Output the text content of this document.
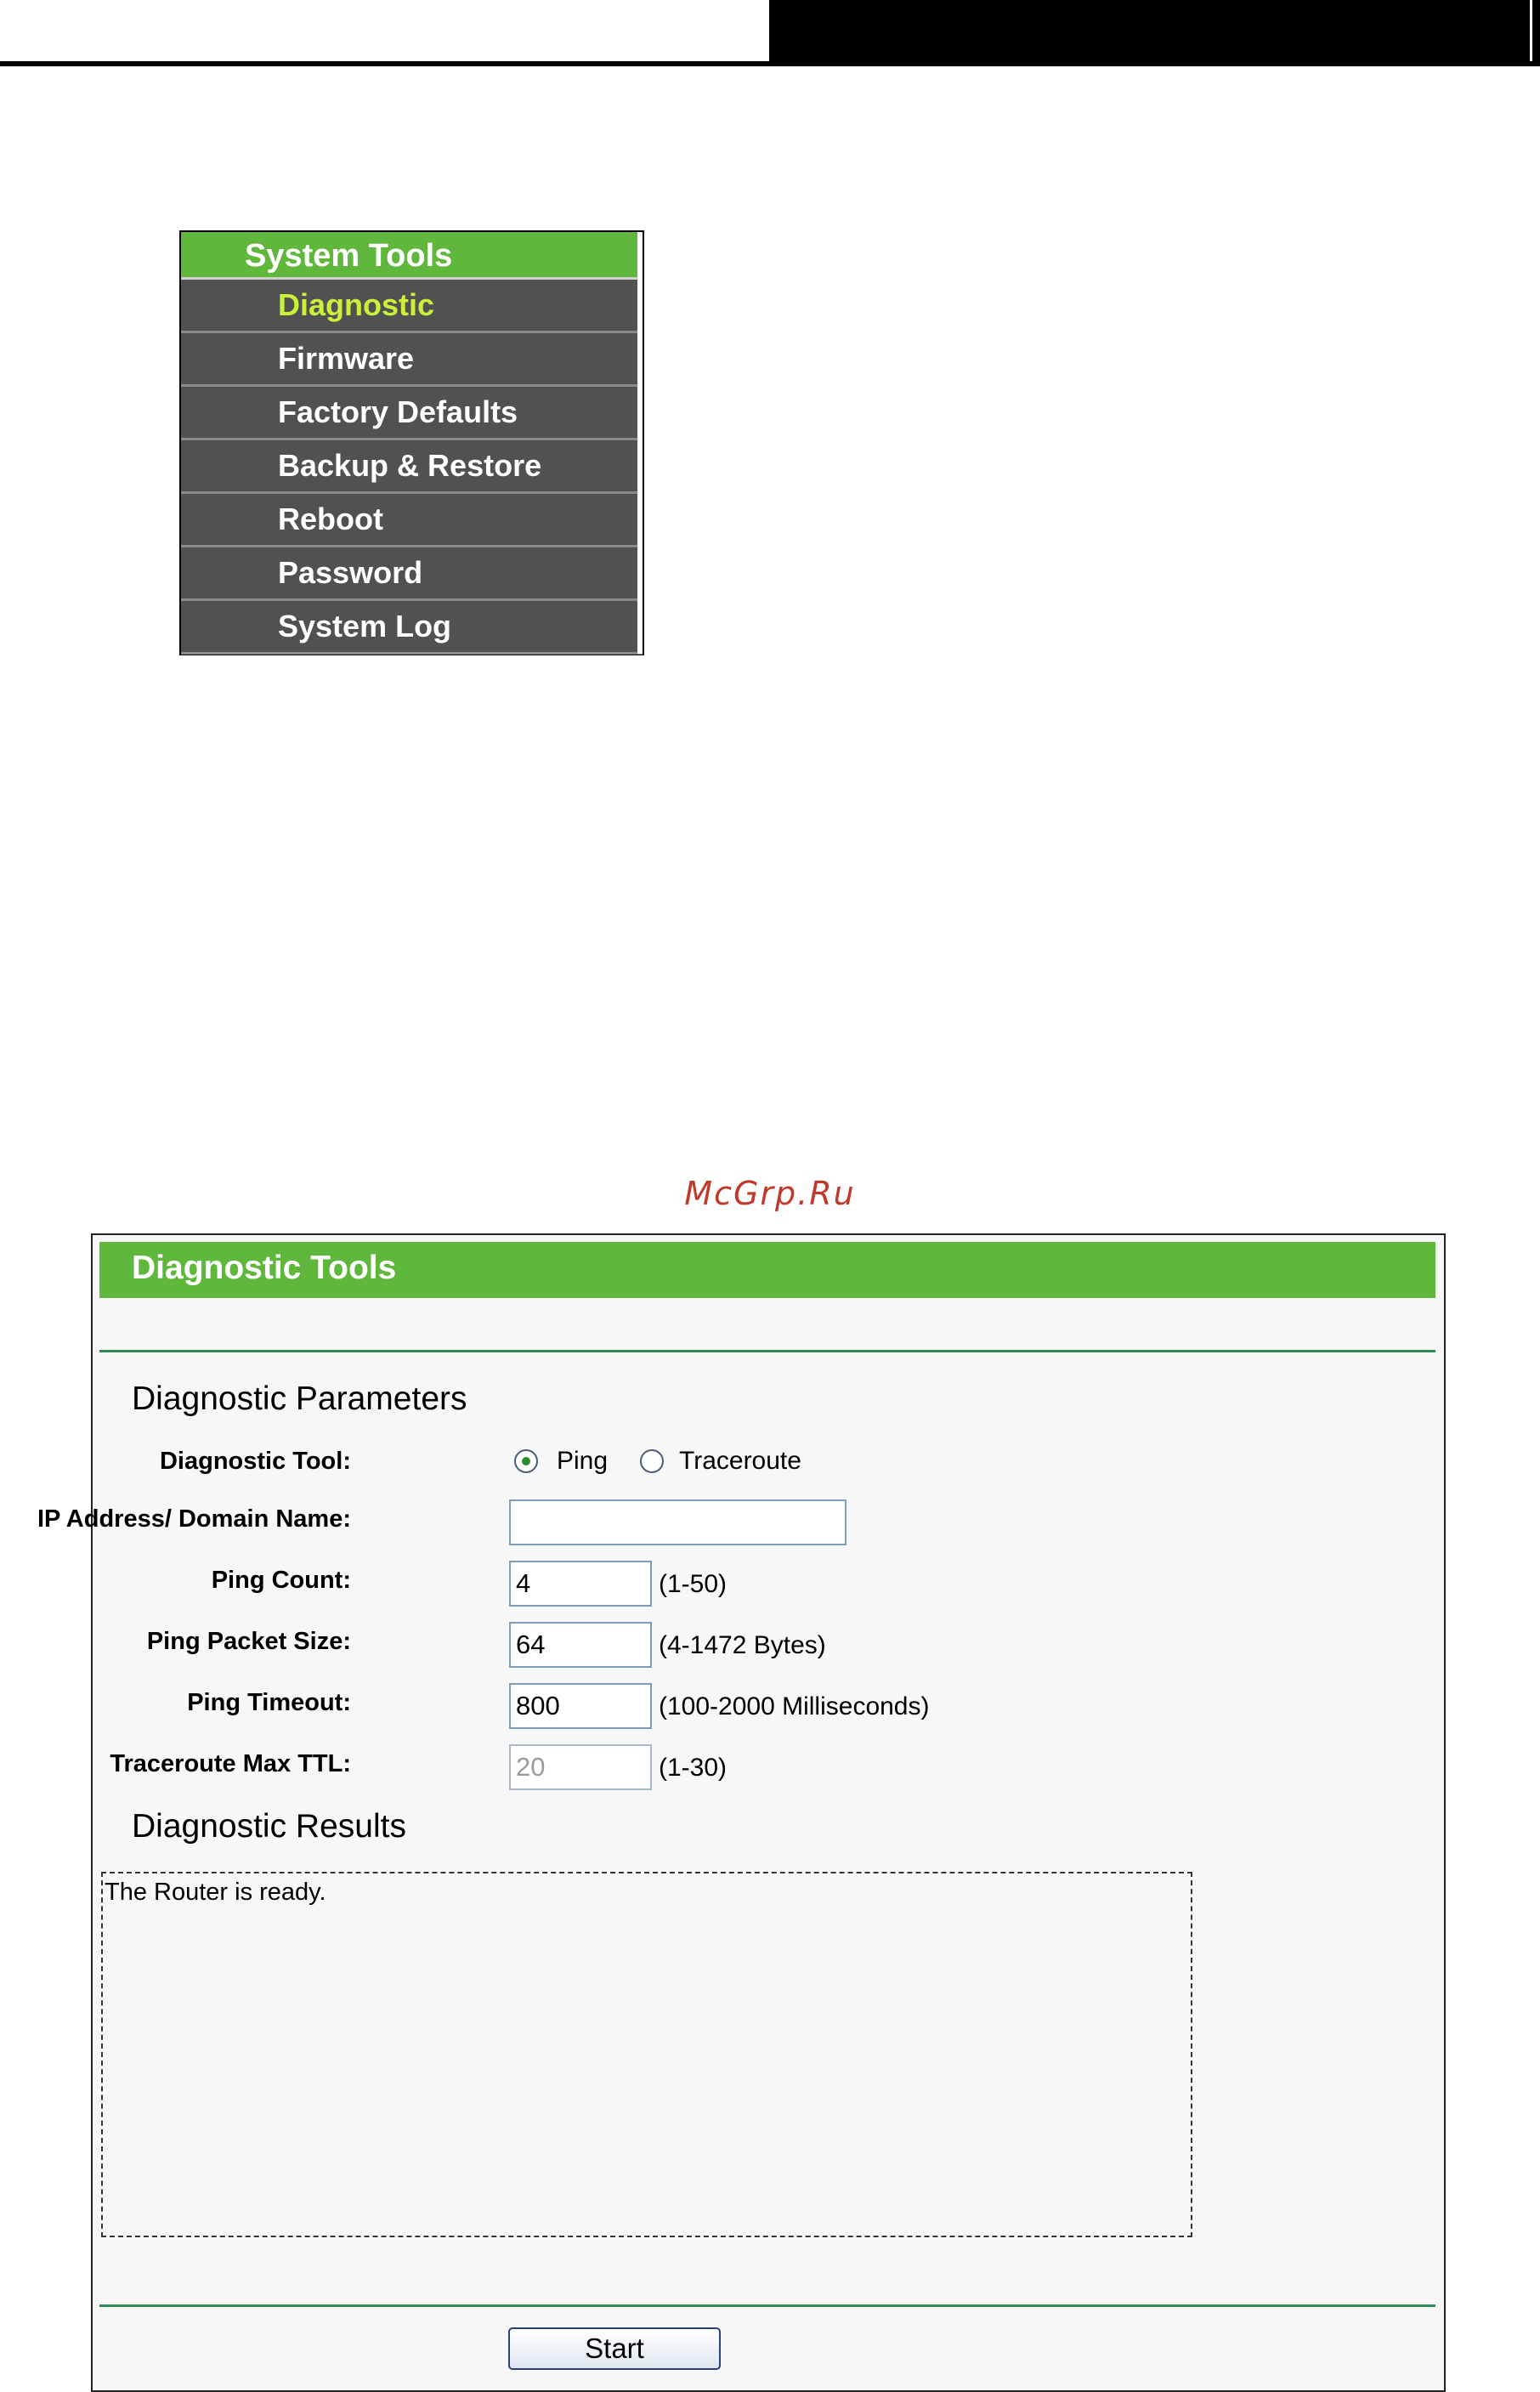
System Tools
Diagnostic
Firmware
Factory Defaults
Backup & Restore
Reboot
Password
System Log
McGrp.Ru
Diagnostic Tools
Diagnostic Parameters
Diagnostic Tool:	Ping	Traceroute
IP Address/ Domain Name:
Ping Count:
4	(1-50)
Ping Packet Size:
64	(4-1472 Bytes)
Ping Timeout:
800	(100-2000 Milliseconds)
Traceroute Max TTL:
20	(1-30)
Diagnostic Results
The Router is ready.
Start
